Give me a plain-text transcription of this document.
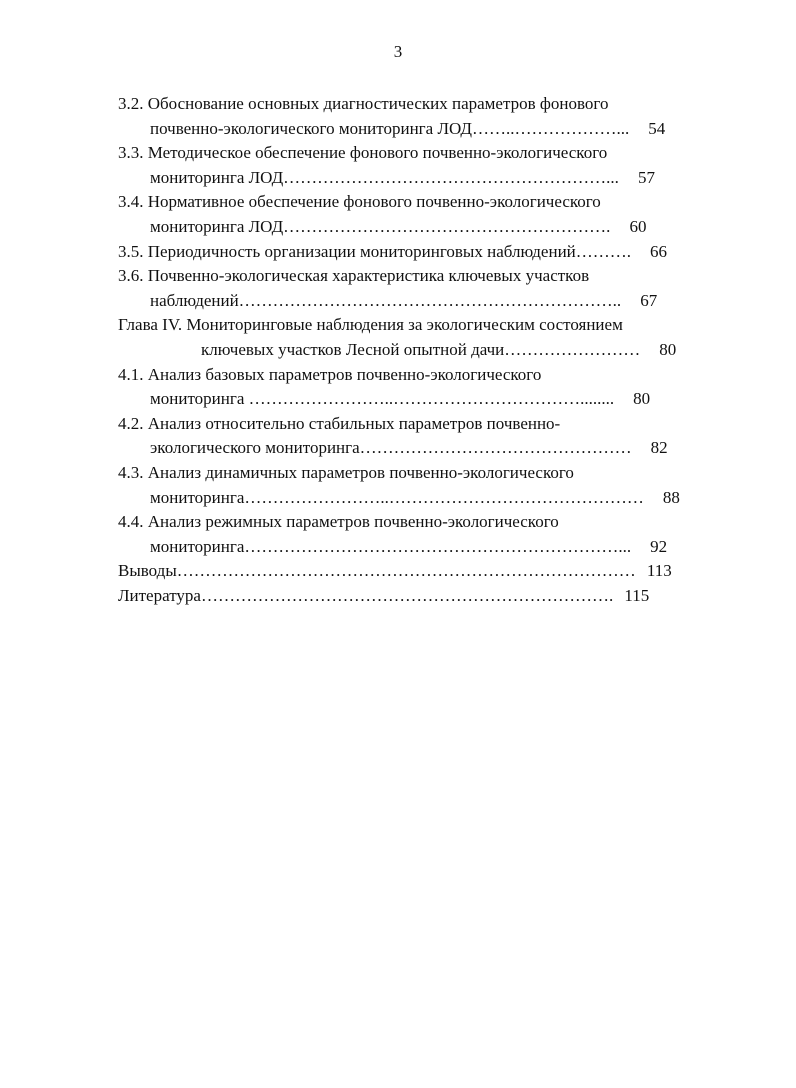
3
3.2. Обоснование основных диагностических параметров фонового
почвенно-экологического мониторинга ЛОД……..………………...	54
3.3. Методическое обеспечение фонового почвенно-экологического
мониторинга ЛОД…………………………………………………...	57
3.4. Нормативное обеспечение фонового почвенно-экологического
мониторинга ЛОД………………………………………………….	60
3.5. Периодичность организации мониторинговых наблюдений……….	66
3.6. Почвенно-экологическая характеристика ключевых участков
наблюдений…………………………………………………………..	67
Глава IV. Мониторинговые наблюдения за экологическим состоянием
ключевых участков Лесной опытной дачи……………………	80
4.1. Анализ базовых параметров почвенно-экологического
мониторинга ……………………..……………………………........	80
4.2. Анализ относительно стабильных параметров почвенно-
экологического мониторинга…………………………………………	82
4.3. Анализ динамичных параметров почвенно-экологического
мониторинга……………………..………………………………………	88
4.4. Анализ режимных параметров почвенно-экологического
мониторинга…………………………………………………………...	92
Выводы……………………………………………………………………… 113
Литература………………………………………………………………. 115
